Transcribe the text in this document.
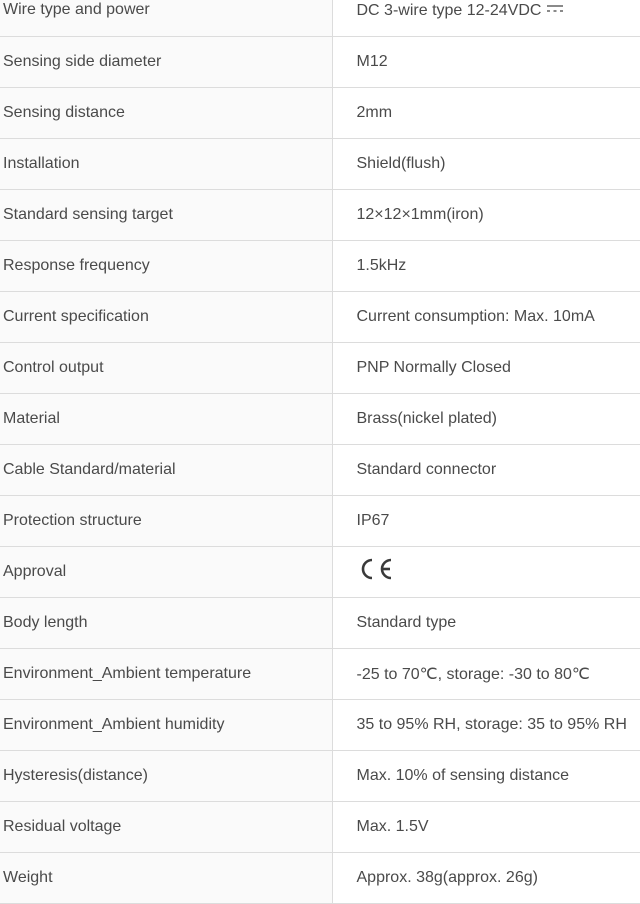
Wire type and power	DC 3-wire type 12-24VDC
Sensing side diameter	M12
Sensing distance	2mm
Installation	Shield(flush)
Standard sensing target	12×12×1mm(iron)
Response frequency	1.5kHz
Current specification	Current consumption: Max. 10mA
Control output	PNP Normally Closed
Material	Brass(nickel plated)
Cable Standard/material	Standard connector
Protection structure	IP67
Approval	
Body length	Standard type
Environment_Ambient temperature	-25 to 70℃, storage: -30 to 80℃
Environment_Ambient humidity	35 to 95% RH, storage: 35 to 95% RH
Hysteresis(distance)	Max. 10% of sensing distance
Residual voltage	Max. 1.5V
Weight	Approx. 38g(approx. 26g)
